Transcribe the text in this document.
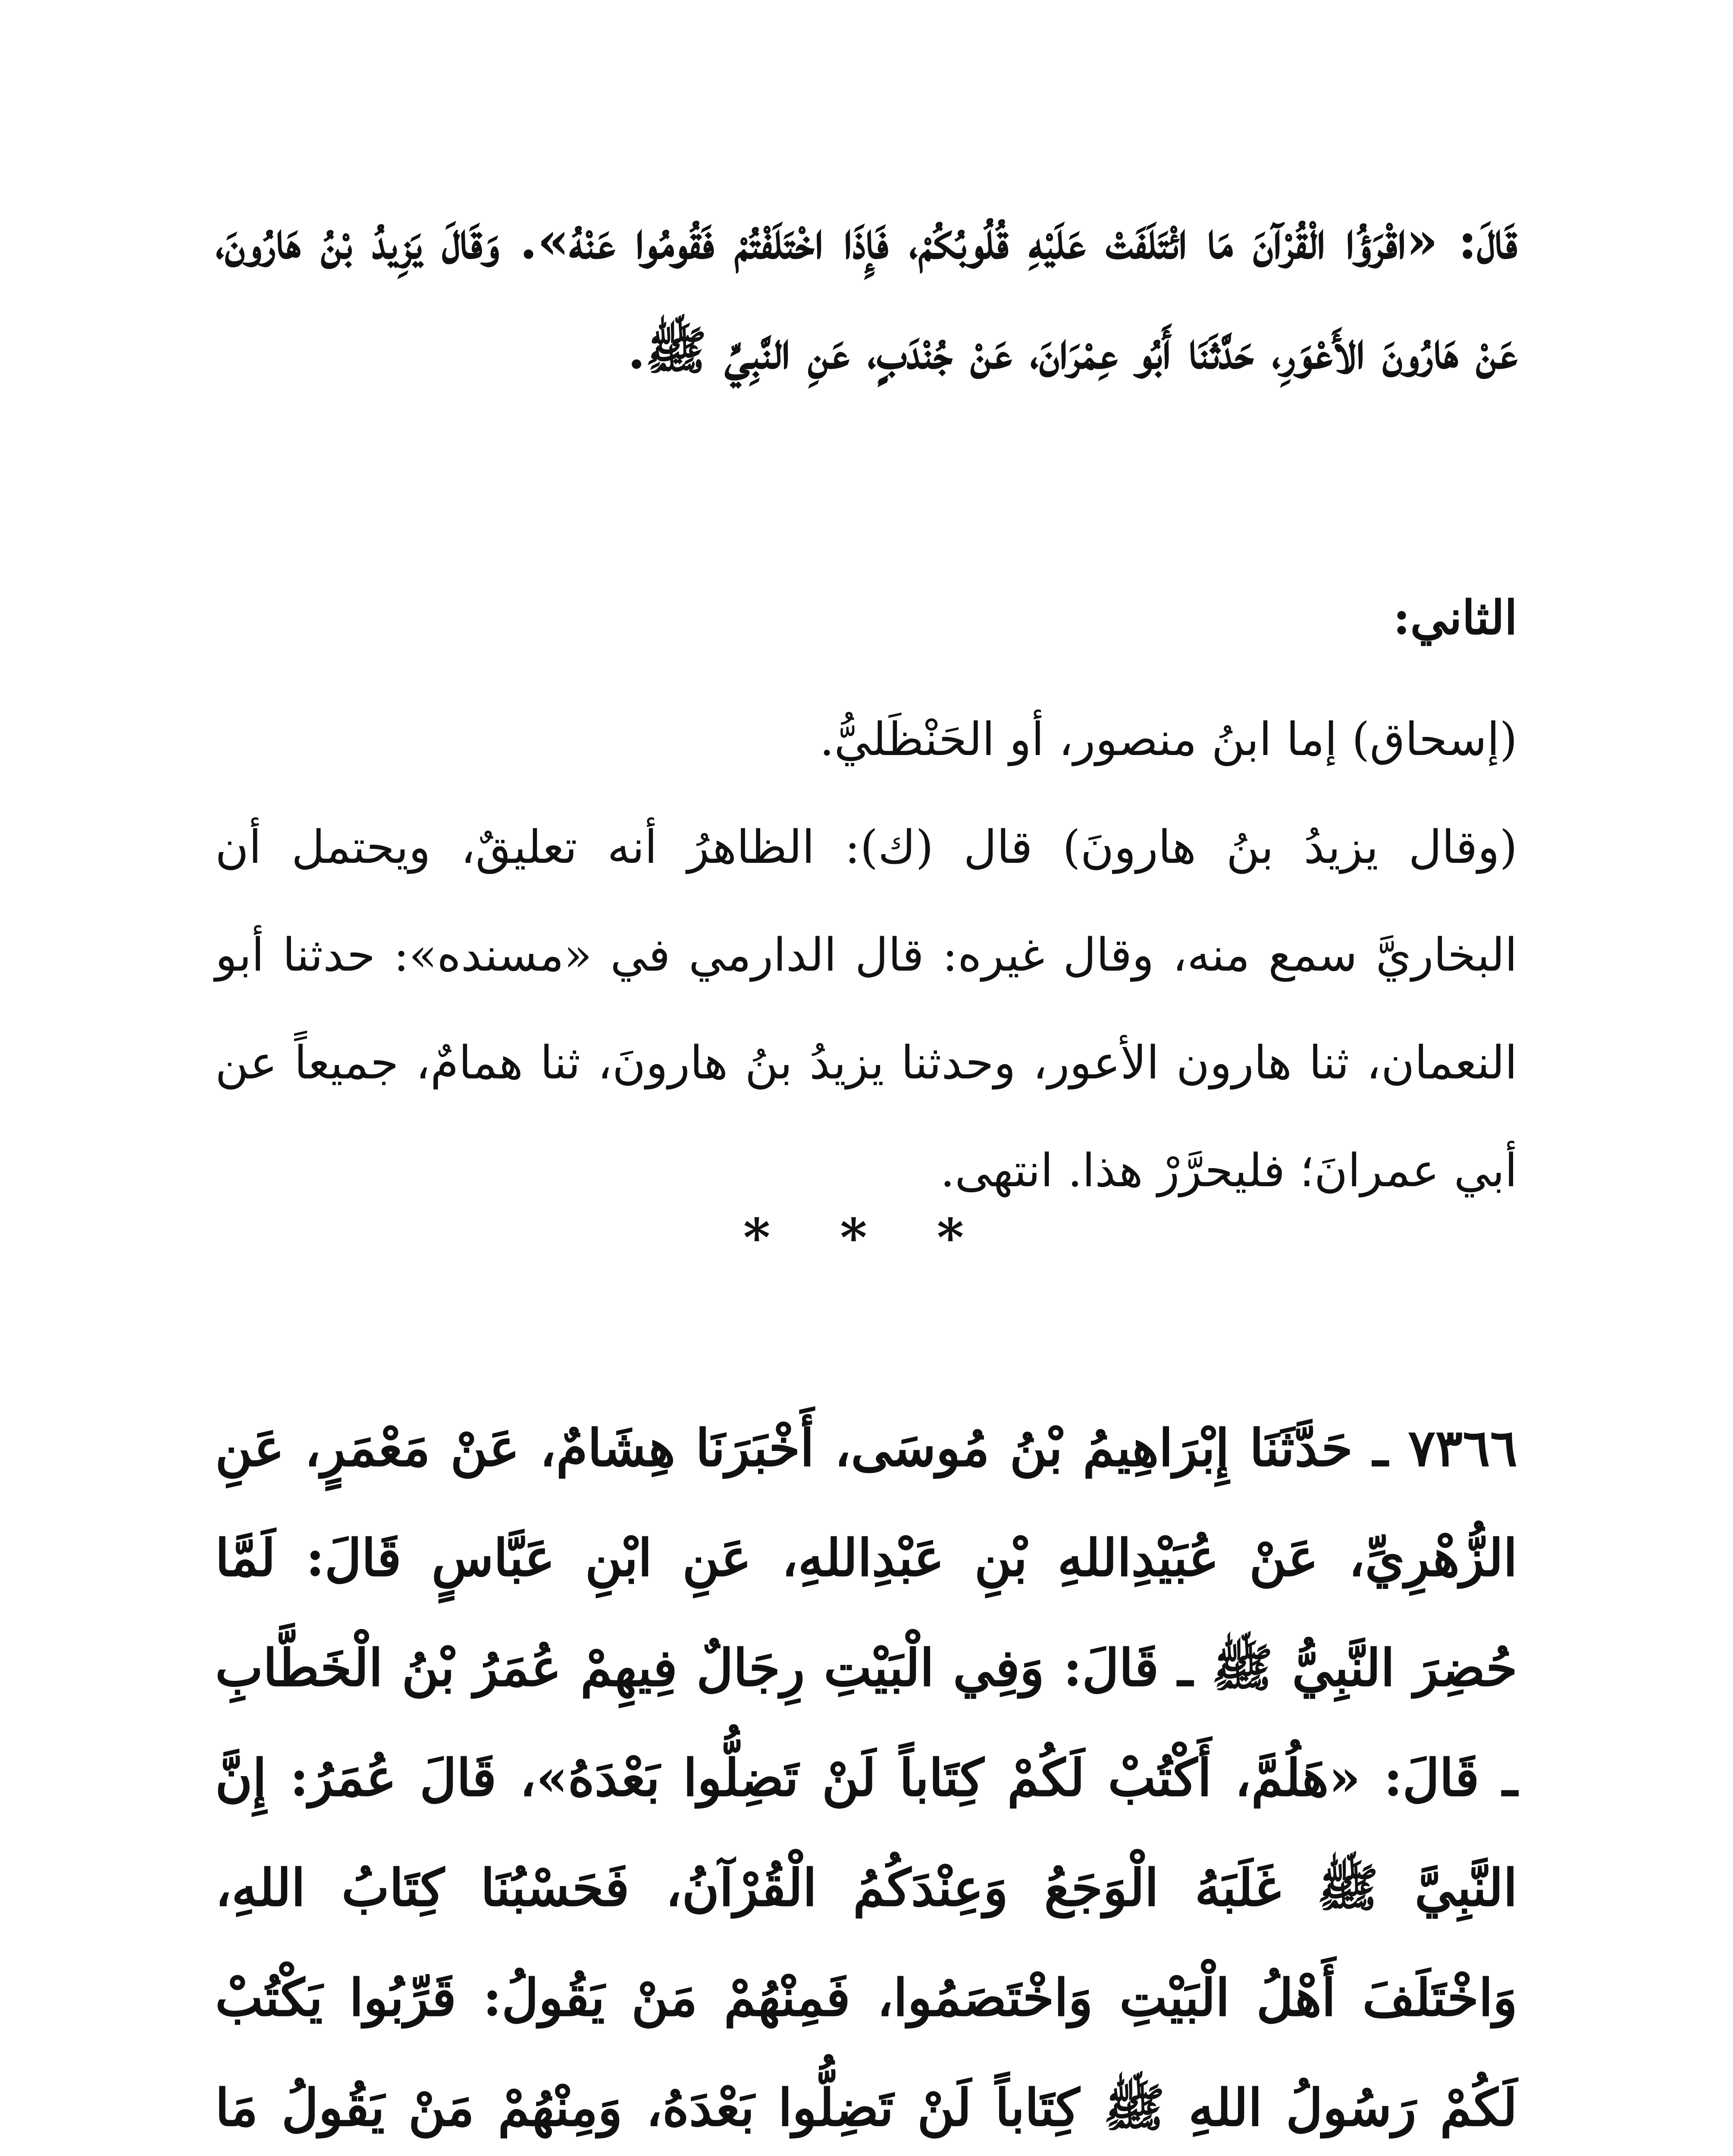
قَالَ: «اقْرَؤُا الْقُرْآنَ مَا ائْتَلَفَتْ عَلَيْهِ قُلُوبُكُمْ، فَإِذَا اخْتَلَفْتُمْ فَقُومُوا عَنْهُ». وَقَالَ يَزِيدُ بْنُ هَارُونَ، عَنْ هَارُونَ الأَعْوَرِ، حَدَّثَنَا أَبُو عِمْرَانَ، عَنْ جُنْدَبٍ، عَنِ النَّبِيِّ ﷺ.

الثاني:

(إسحاق) إما ابنُ منصور، أو الحَنْظَليُّ.

(وقال يزيدُ بنُ هارونَ) قال (ك): الظاهرُ أنه تعليقٌ، ويحتمل أن البخاريَّ سمع منه، وقال غيره: قال الدارمي في «مسنده»: حدثنا أبو النعمان، ثنا هارون الأعور، وحدثنا يزيدُ بنُ هارونَ، ثنا همامٌ، جميعاً عن أبي عمرانَ؛ فليحرَّرْ هذا. انتهى.

* * *

٧٣٦٦ ـ حَدَّثَنَا إِبْرَاهِيمُ بْنُ مُوسَى، أَخْبَرَنَا هِشَامٌ، عَنْ مَعْمَرٍ، عَنِ الزُّهْرِيِّ، عَنْ عُبَيْدِاللهِ بْنِ عَبْدِاللهِ، عَنِ ابْنِ عَبَّاسٍ قَالَ: لَمَّا حُضِرَ النَّبِيُّ ﷺ ـ قَالَ: وَفِي الْبَيْتِ رِجَالٌ فِيهِمْ عُمَرُ بْنُ الْخَطَّابِ ـ قَالَ: «هَلُمَّ، أَكْتُبْ لَكُمْ كِتَاباً لَنْ تَضِلُّوا بَعْدَهُ»، قَالَ عُمَرُ: إِنَّ النَّبِيَّ ﷺ غَلَبَهُ الْوَجَعُ وَعِنْدَكُمُ الْقُرْآنُ، فَحَسْبُنَا كِتَابُ اللهِ، وَاخْتَلَفَ أَهْلُ الْبَيْتِ وَاخْتَصَمُوا، فَمِنْهُمْ مَنْ يَقُولُ: قَرِّبُوا يَكْتُبْ لَكُمْ رَسُولُ اللهِ ﷺ كِتَاباً لَنْ تَضِلُّوا بَعْدَهُ، وَمِنْهُمْ مَنْ يَقُولُ مَا
